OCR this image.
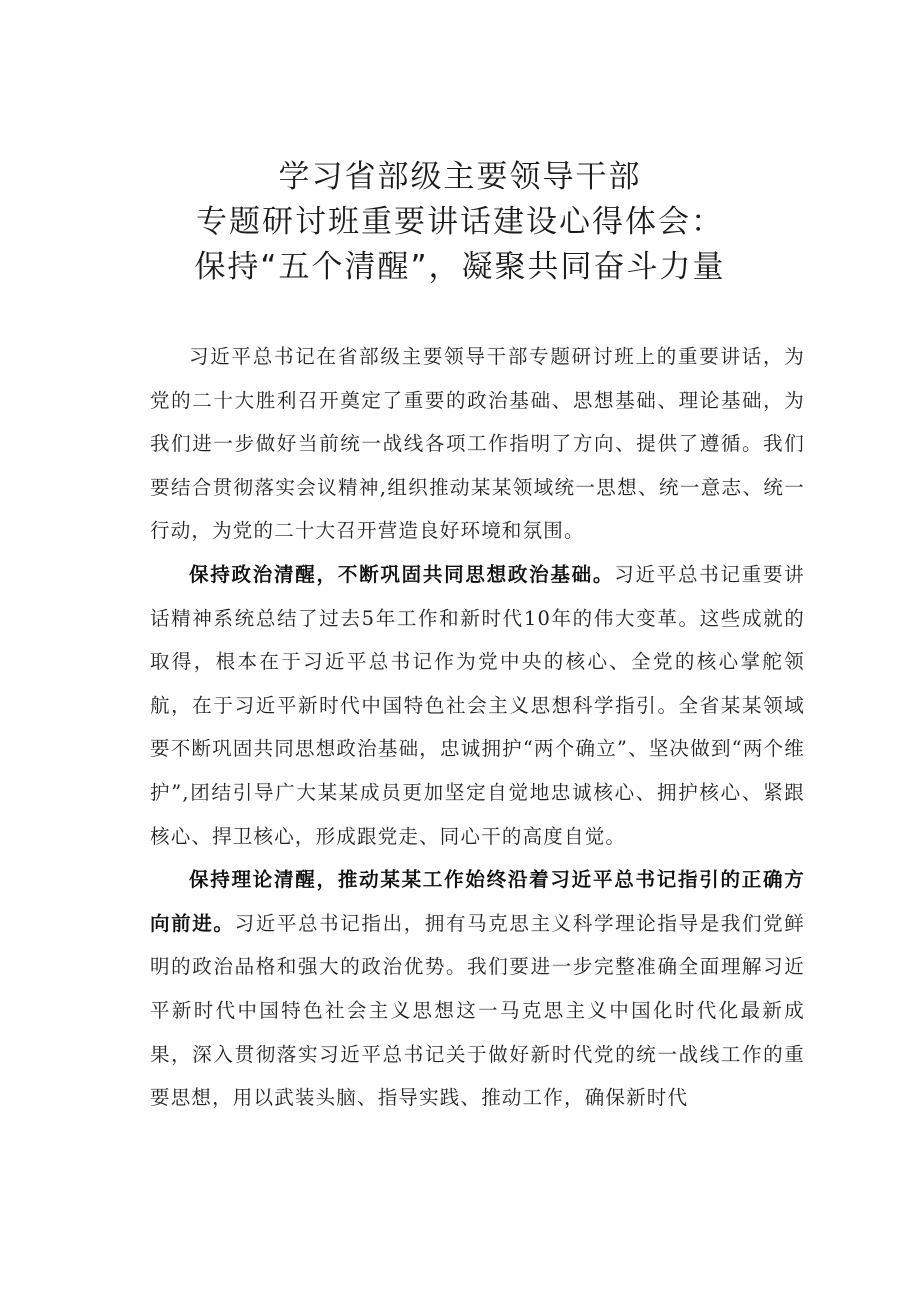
学习省部级主要领导干部
专题研讨班重要讲话建设心得体会：
保持“五个清醒”，凝聚共同奋斗力量

习近平总书记在省部级主要领导干部专题研讨班上的重要讲话，为党的二十大胜利召开奠定了重要的政治基础、思想基础、理论基础，为我们进一步做好当前统一战线各项工作指明了方向、提供了遵循。我们要结合贯彻落实会议精神,组织推动某某领域统一思想、统一意志、统一行动，为党的二十大召开营造良好环境和氛围。

保持政治清醒，不断巩固共同思想政治基础。习近平总书记重要讲话精神系统总结了过去5年工作和新时代10年的伟大变革。这些成就的取得，根本在于习近平总书记作为党中央的核心、全党的核心掌舵领航，在于习近平新时代中国特色社会主义思想科学指引。全省某某领域要不断巩固共同思想政治基础，忠诚拥护“两个确立”、坚决做到“两个维护”,团结引导广大某某成员更加坚定自觉地忠诚核心、拥护核心、紧跟核心、捍卫核心，形成跟党走、同心干的高度自觉。

保持理论清醒，推动某某工作始终沿着习近平总书记指引的正确方向前进。习近平总书记指出，拥有马克思主义科学理论指导是我们党鲜明的政治品格和强大的政治优势。我们要进一步完整准确全面理解习近平新时代中国特色社会主义思想这一马克思主义中国化时代化最新成果，深入贯彻落实习近平总书记关于做好新时代党的统一战线工作的重要思想，用以武装头脑、指导实践、推动工作，确保新时代
